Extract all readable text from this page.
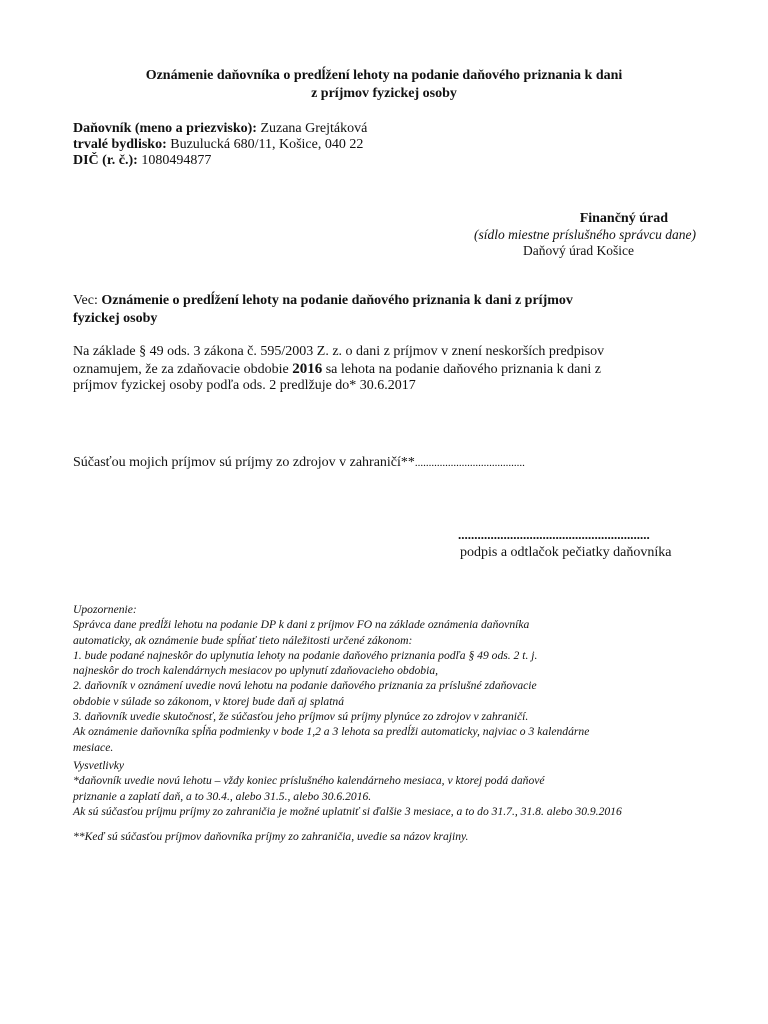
Oznámenie daňovníka o predĺžení lehoty na podanie daňového priznania k dani
z príjmov fyzickej osoby
Daňovník (meno a priezvisko): Zuzana Grejtáková
trvalé bydlisko: Buzulucká 680/11, Košice, 040 22
DIČ (r. č.): 1080494877
Finančný úrad
(sídlo miestne príslušného správcu dane)
Daňový úrad Košice
Vec: Oznámenie o predĺžení lehoty na podanie daňového priznania k dani z príjmov
fyzickej osoby
Na základe § 49 ods. 3 zákona č. 595/2003 Z. z. o dani z príjmov v znení neskorších predpisov
oznamujem, že za zdaňovacie obdobie 2016 sa lehota na podanie daňového priznania k dani z
príjmov fyzickej osoby podľa ods. 2 predlžuje do* 30.6.2017
Súčasťou mojich príjmov sú príjmy zo zdrojov v zahraničí**........................................
...........................................................
podpis a odtlačok pečiatky daňovníka
Upozornenie:
Správca dane predĺži lehotu na podanie DP k dani z príjmov FO na základe oznámenia daňovníka
automaticky, ak oznámenie bude spĺňať tieto náležitosti určené zákonom:
1. bude podané najneskôr do uplynutia lehoty na podanie daňového priznania podľa § 49 ods. 2 t. j.
najneskôr do troch kalendárnych mesiacov po uplynutí zdaňovacieho obdobia,
2. daňovník v oznámení uvedie novú lehotu na podanie daňového priznania za príslušné zdaňovacie
obdobie v súlade so zákonom, v ktorej bude daň aj splatná
3. daňovník uvedie skutočnosť, že súčasťou jeho príjmov sú príjmy plynúce zo zdrojov v zahraničí.
Ak oznámenie daňovníka spĺňa podmienky v bode 1,2 a 3 lehota sa predĺži automaticky, najviac o 3 kalendárne
mesiace.
Vysvetlivky
*daňovník uvedie novú lehotu – vždy koniec príslušného kalendárneho mesiaca, v ktorej podá daňové
priznanie a zaplatí daň, a to 30.4., alebo 31.5., alebo 30.6.2016.
Ak sú súčasťou príjmu príjmy zo zahraničia je možné uplatniť si ďalšie 3 mesiace, a to do 31.7., 31.8. alebo 30.9.2016
**Keď sú súčasťou príjmov daňovníka príjmy zo zahraničia, uvedie sa názov krajiny.
